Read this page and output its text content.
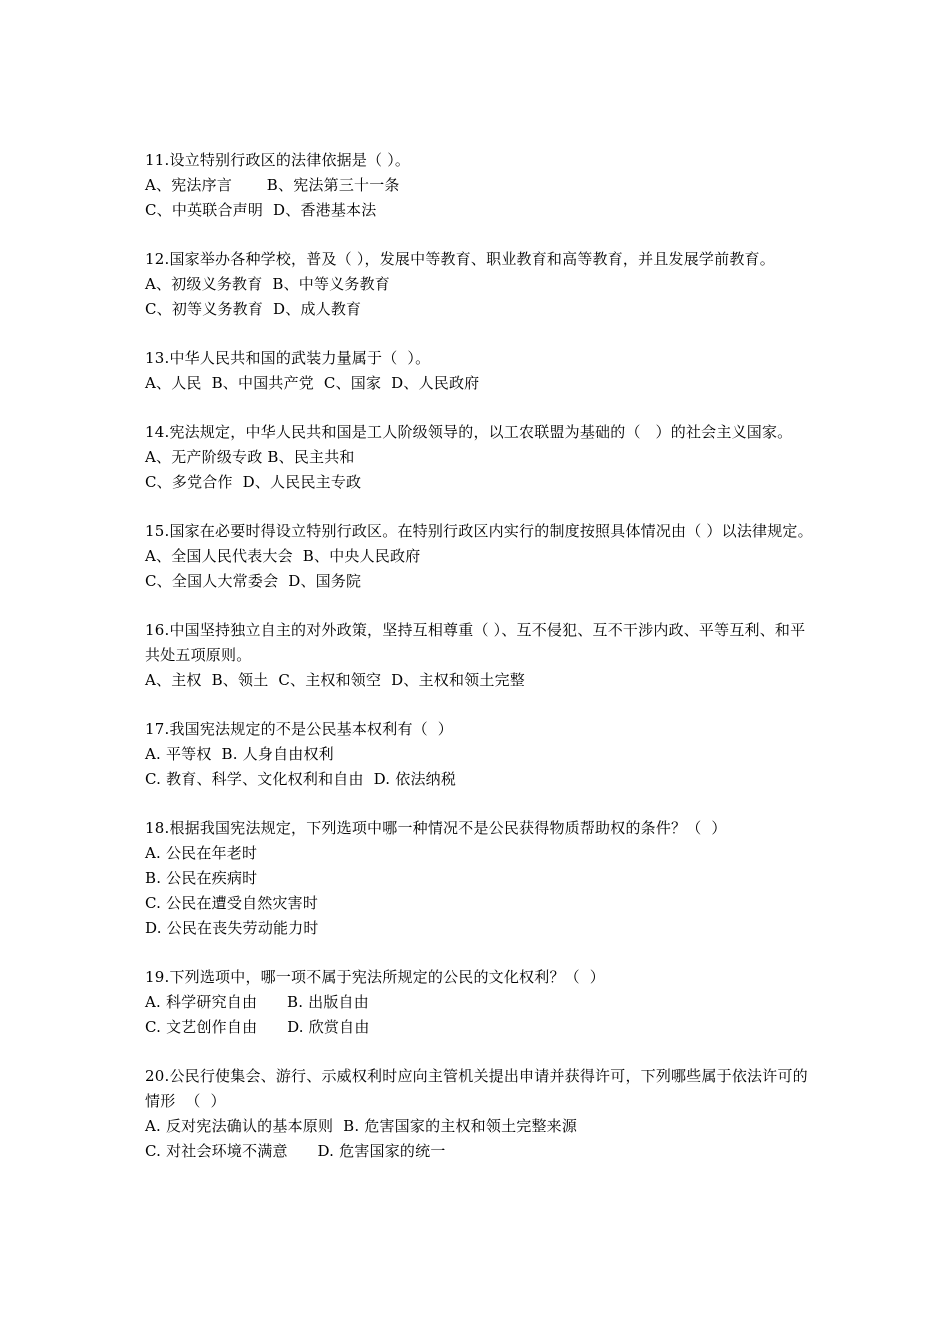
11.设立特别行政区的法律依据是（ ）。
A、宪法序言       B、宪法第三十一条
C、中英联合声明  D、香港基本法
12.国家举办各种学校，普及（ ），发展中等教育、职业教育和高等教育，并且发展学前教育。
A、初级义务教育  B、中等义务教育
C、初等义务教育  D、成人教育
13.中华人民共和国的武装力量属于（  ）。
A、人民  B、中国共产党  C、国家  D、人民政府
14.宪法规定，中华人民共和国是工人阶级领导的，以工农联盟为基础的（   ）的社会主义国家。
A、无产阶级专政 B、民主共和
C、多党合作  D、人民民主专政
15.国家在必要时得设立特别行政区。在特别行政区内实行的制度按照具体情况由（ ）以法律规定。
A、全国人民代表大会  B、中央人民政府
C、全国人大常委会  D、国务院
16.中国坚持独立自主的对外政策，坚持互相尊重（ ）、互不侵犯、互不干涉内政、平等互利、和平共处五项原则。
A、主权  B、领土  C、主权和领空  D、主权和领土完整
17.我国宪法规定的不是公民基本权利有（  ）
A. 平等权  B. 人身自由权利
C. 教育、科学、文化权利和自由  D. 依法纳税
18.根据我国宪法规定，下列选项中哪一种情况不是公民获得物质帮助权的条件？（  ）
A. 公民在年老时
B. 公民在疾病时
C. 公民在遭受自然灾害时
D. 公民在丧失劳动能力时
19.下列选项中，哪一项不属于宪法所规定的公民的文化权利？（  ）
A. 科学研究自由      B. 出版自由
C. 文艺创作自由      D. 欣赏自由
20.公民行使集会、游行、示威权利时应向主管机关提出申请并获得许可，下列哪些属于依法许可的情形  （  ）
A. 反对宪法确认的基本原则  B. 危害国家的主权和领土完整来源
C. 对社会环境不满意      D. 危害国家的统一
